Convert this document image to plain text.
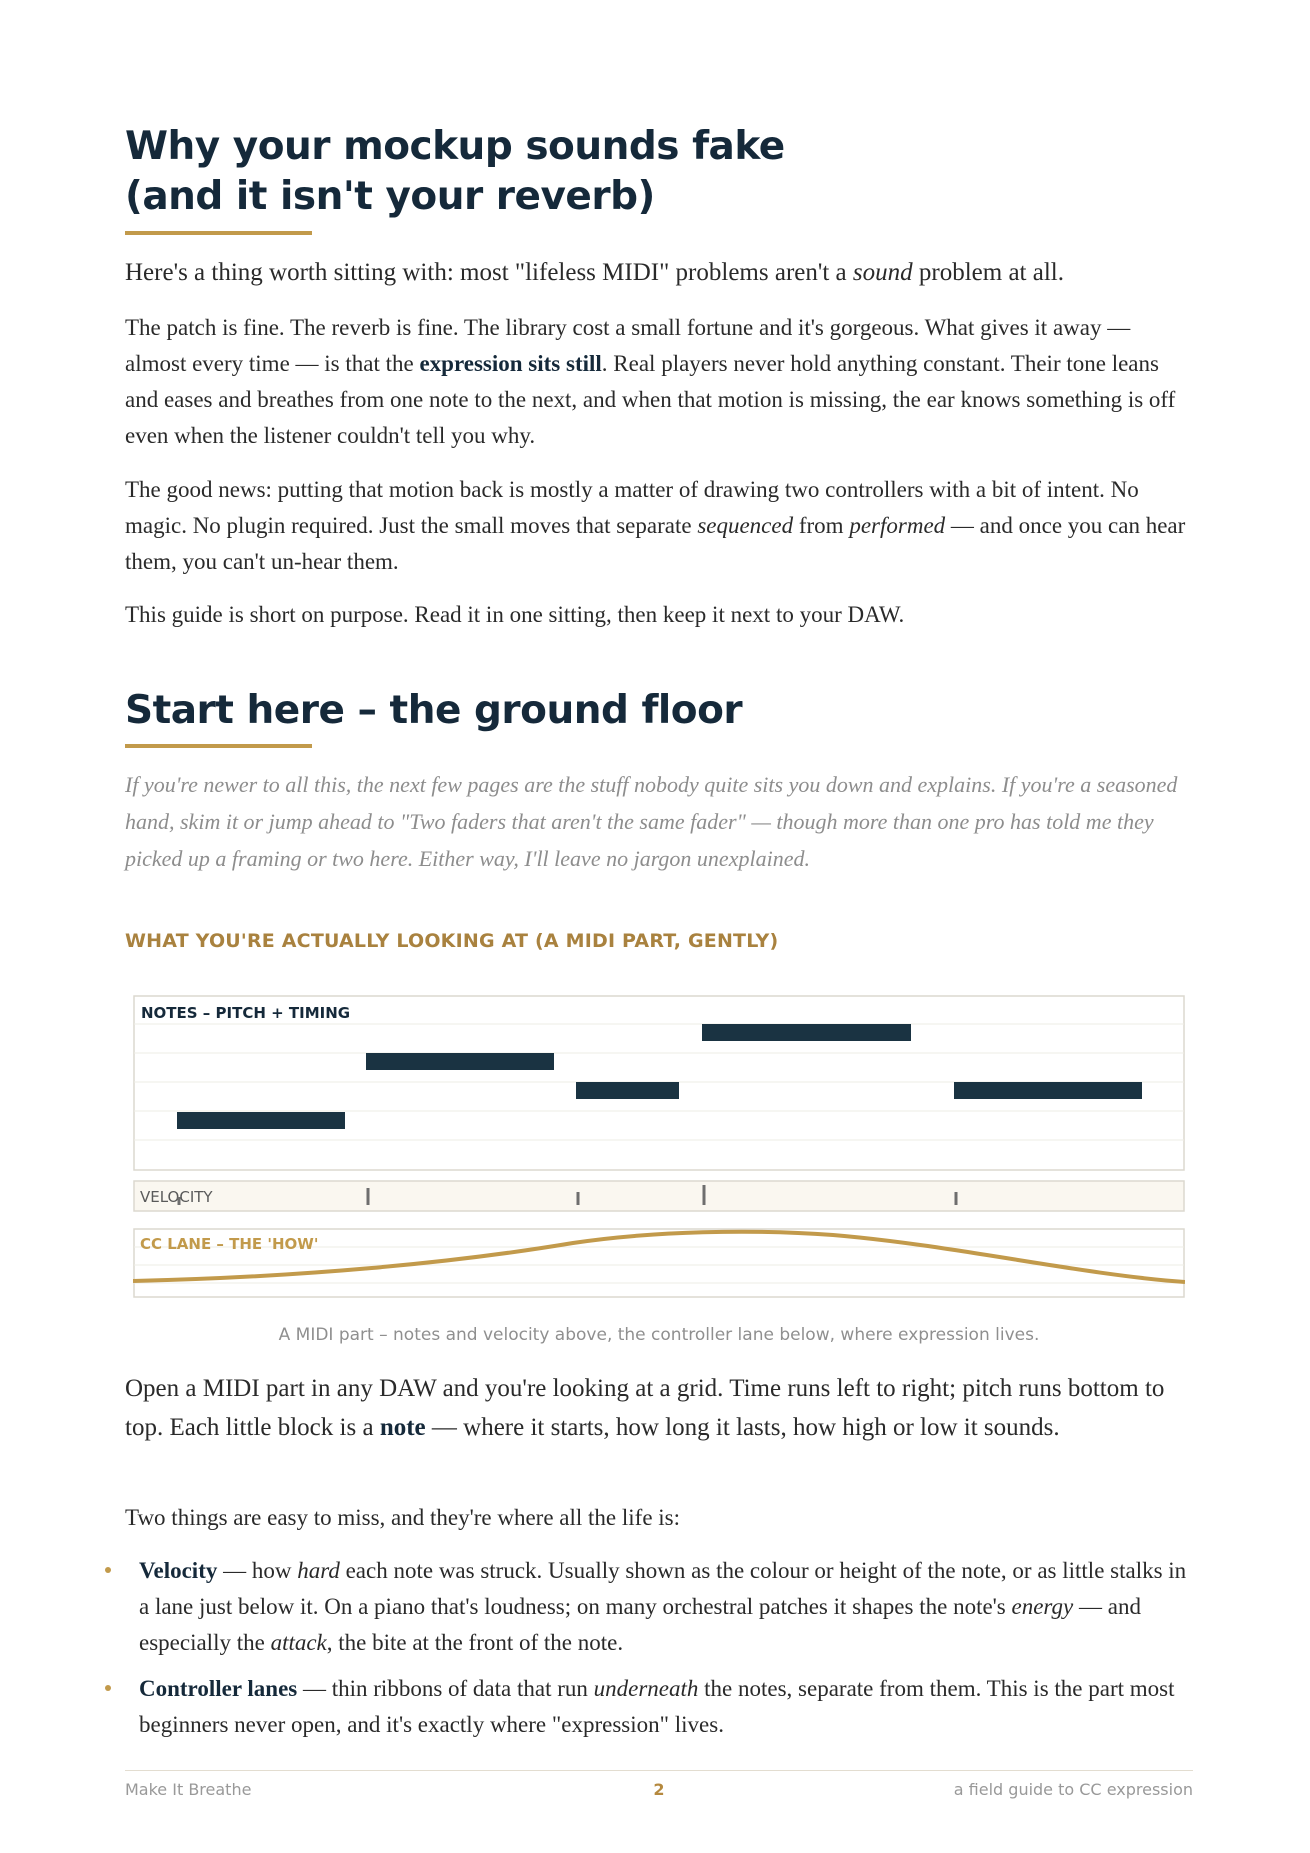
Why your mockup sounds fake
(and it isn't your reverb)

Here's a thing worth sitting with: most "lifeless MIDI" problems aren't a sound problem at all.

The patch is fine. The reverb is fine. The library cost a small fortune and it's gorgeous. What gives it away — almost every time — is that the expression sits still. Real players never hold anything constant. Their tone leans and eases and breathes from one note to the next, and when that motion is missing, the ear knows something is off even when the listener couldn't tell you why.

The good news: putting that motion back is mostly a matter of drawing two controllers with a bit of intent. No magic. No plugin required. Just the small moves that separate sequenced from performed — and once you can hear them, you can't un-hear them.

This guide is short on purpose. Read it in one sitting, then keep it next to your DAW.

Start here – the ground floor

If you're newer to all this, the next few pages are the stuff nobody quite sits you down and explains. If you're a seasoned hand, skim it or jump ahead to "Two faders that aren't the same fader" — though more than one pro has told me they picked up a framing or two here. Either way, I'll leave no jargon unexplained.

WHAT YOU'RE ACTUALLY LOOKING AT (A MIDI PART, GENTLY)
NOTES – PITCH + TIMING
VELOCITY
CC LANE – THE 'HOW'
A MIDI part – notes and velocity above, the controller lane below, where expression lives.

Open a MIDI part in any DAW and you're looking at a grid. Time runs left to right; pitch runs bottom to top. Each little block is a note — where it starts, how long it lasts, how high or low it sounds.

Two things are easy to miss, and they're where all the life is:

Velocity — how hard each note was struck. Usually shown as the colour or height of the note, or as little stalks in a lane just below it. On a piano that's loudness; on many orchestral patches it shapes the note's energy — and especially the attack, the bite at the front of the note.
Controller lanes — thin ribbons of data that run underneath the notes, separate from them. This is the part most beginners never open, and it's exactly where "expression" lives.
Make It Breathe	2	a field guide to CC expression
